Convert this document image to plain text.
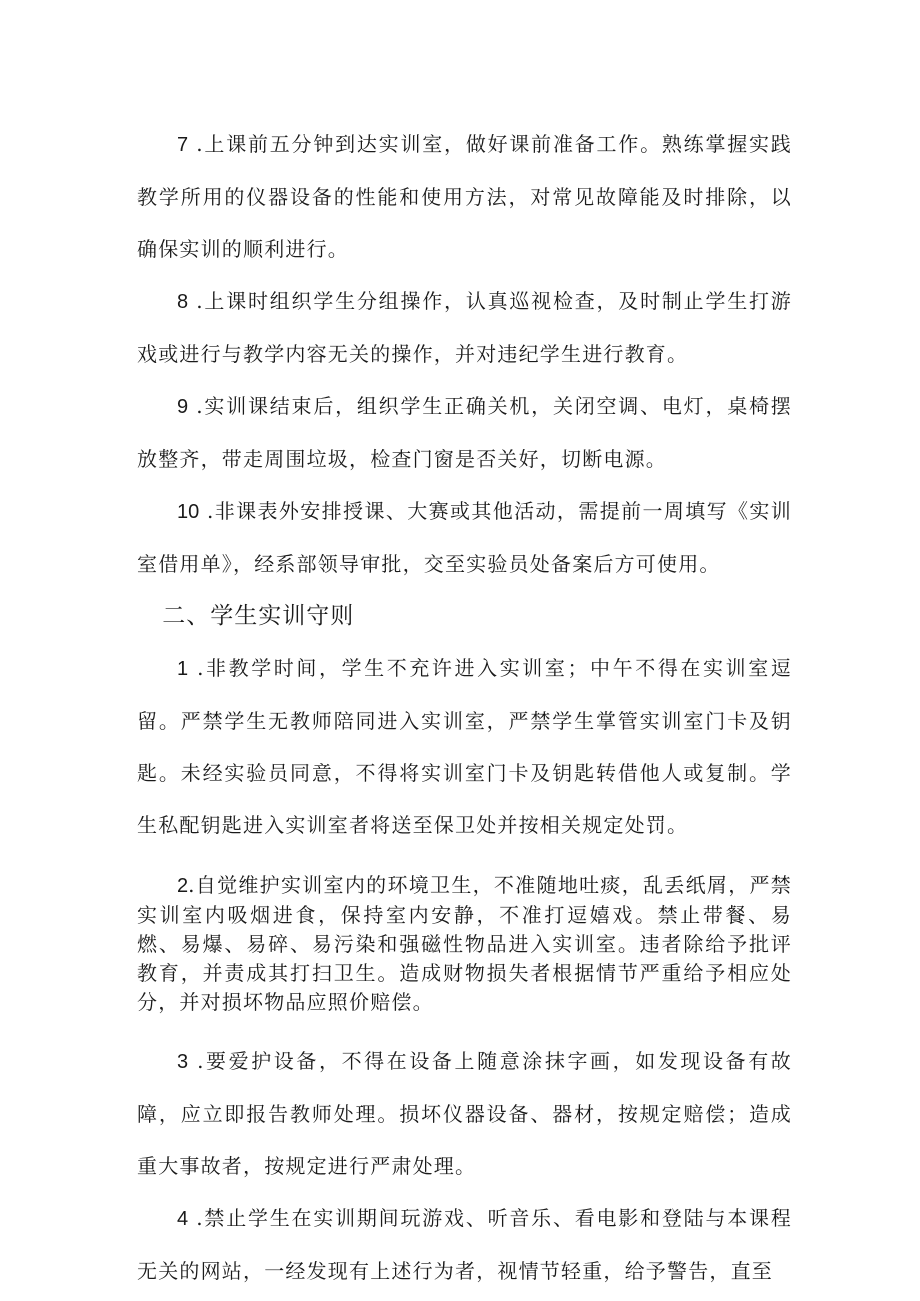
7 .上课前五分钟到达实训室，做好课前准备工作。熟练掌握实践教学所用的仪器设备的性能和使用方法，对常见故障能及时排除，以确保实训的顺利进行。

8 .上课时组织学生分组操作，认真巡视检查，及时制止学生打游戏或进行与教学内容无关的操作，并对违纪学生进行教育。

9 .实训课结束后，组织学生正确关机，关闭空调、电灯，桌椅摆放整齐，带走周围垃圾，检查门窗是否关好，切断电源。

10 .非课表外安排授课、大赛或其他活动，需提前一周填写《实训室借用单》，经系部领导审批，交至实验员处备案后方可使用。

二、学生实训守则

1 .非教学时间，学生不充许进入实训室；中午不得在实训室逗留。严禁学生无教师陪同进入实训室，严禁学生掌管实训室门卡及钥匙。未经实验员同意，不得将实训室门卡及钥匙转借他人或复制。学生私配钥匙进入实训室者将送至保卫处并按相关规定处罚。

2.自觉维护实训室内的环境卫生，不准随地吐痰，乱丢纸屑，严禁实训室内吸烟进食，保持室内安静，不准打逗嬉戏。禁止带餐、易燃、易爆、易碎、易污染和强磁性物品进入实训室。违者除给予批评教育，并责成其打扫卫生。造成财物损失者根据情节严重给予相应处分，并对损坏物品应照价赔偿。

3 .要爱护设备，不得在设备上随意涂抹字画，如发现设备有故障，应立即报告教师处理。损坏仪器设备、器材，按规定赔偿；造成重大事故者，按规定进行严肃处理。

4 .禁止学生在实训期间玩游戏、听音乐、看电影和登陆与本课程无关的网站，一经发现有上述行为者，视情节轻重，给予警告，直至
